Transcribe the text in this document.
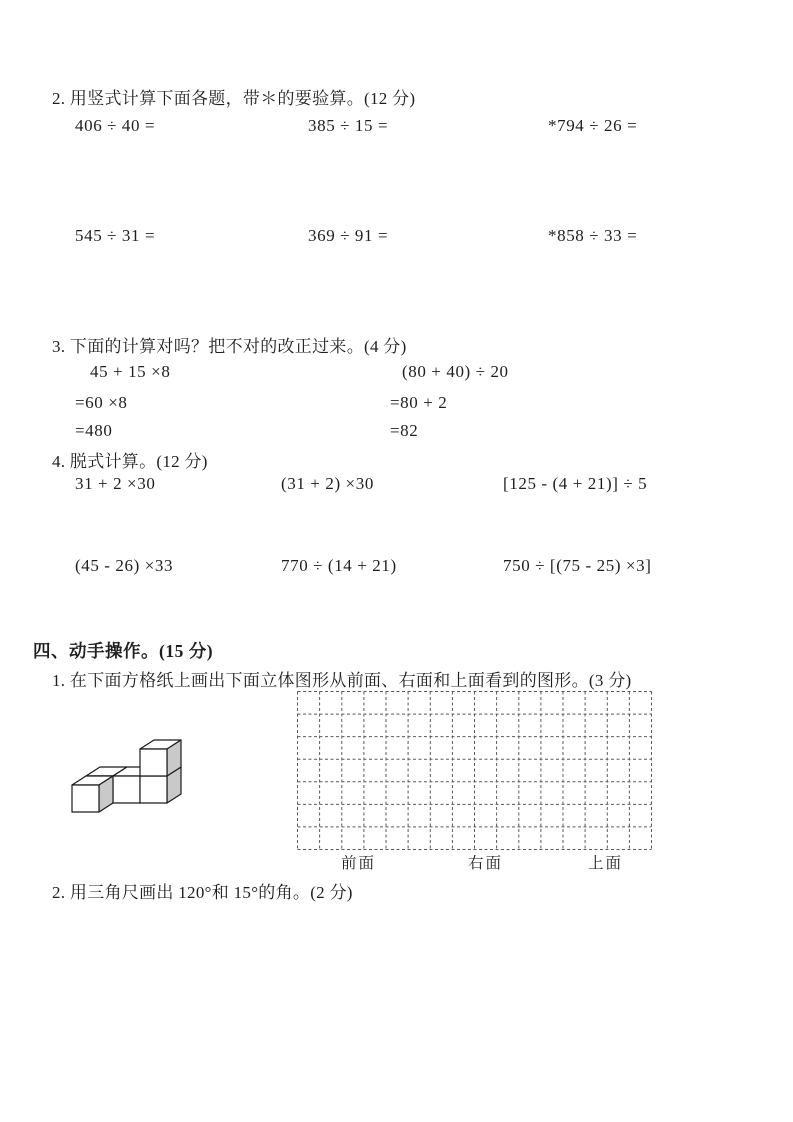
2. 用竖式计算下面各题，带＊的要验算。(12 分)
406 ÷ 40 =	385 ÷ 15 =	*794 ÷ 26 =
545 ÷ 31 =	369 ÷ 91 =	*858 ÷ 33 =
3. 下面的计算对吗？把不对的改正过来。(4 分)
45 + 15 ×8
=60 ×8
=480
(80 + 40) ÷ 20
=80 + 2
=82
4. 脱式计算。(12 分)
31 + 2 ×30	(31 + 2) ×30	[125 - (4 + 21)] ÷ 5
(45 - 26) ×33	770 ÷ (14 + 21)	750 ÷ [(75 - 25) ×3]
四、动手操作。(15 分)
1. 在下面方格纸上画出下面立体图形从前面、右面和上面看到的图形。(3 分)
前面	右面	上面
2. 用三角尺画出 120°和 15°的角。(2 分)
